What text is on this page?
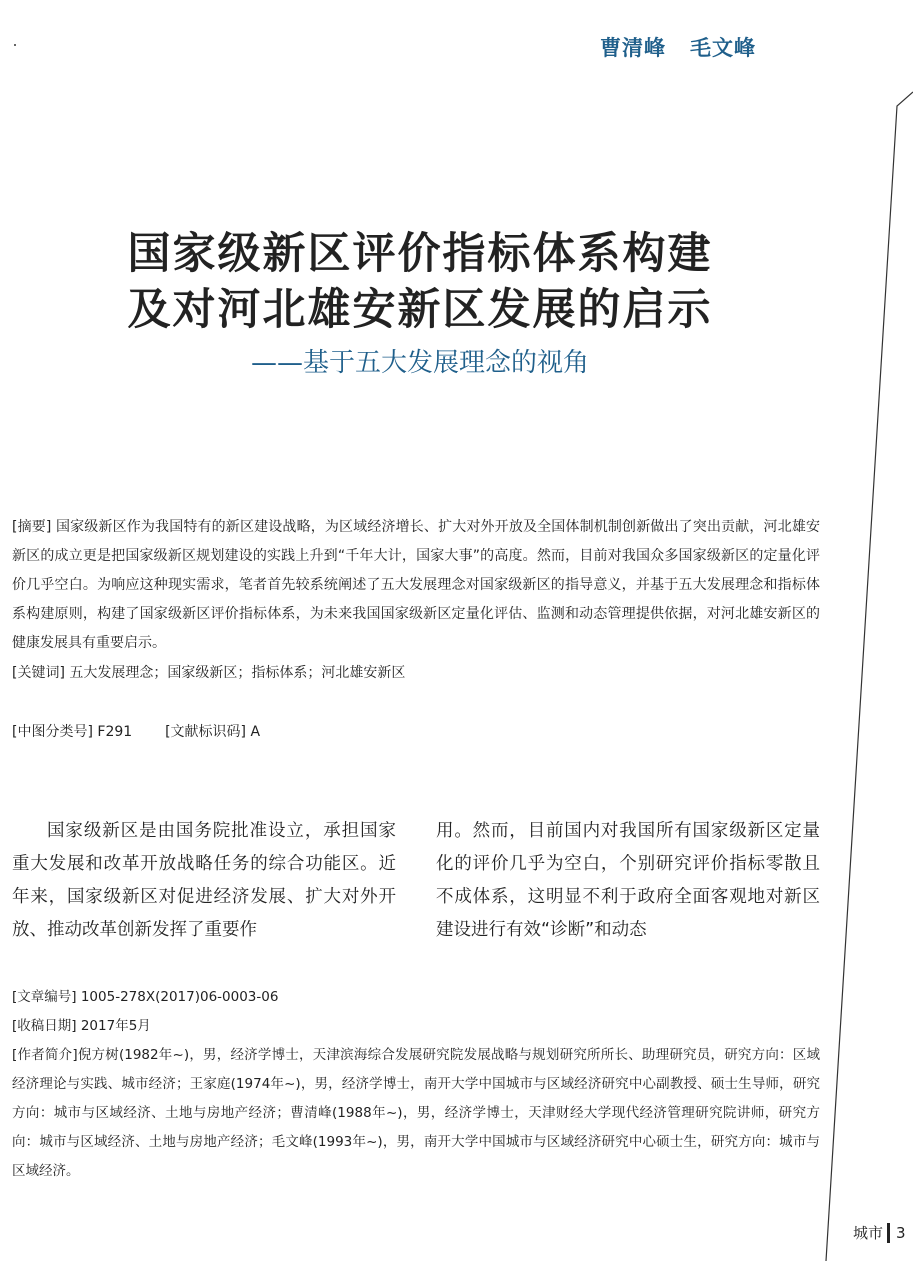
曹清峰 毛文峰
国家级新区评价指标体系构建
及对河北雄安新区发展的启示
——基于五大发展理念的视角
[摘要] 国家级新区作为我国特有的新区建设战略，为区域经济增长、扩大对外开放及全国体制机制创新做出了突出贡献，河北雄安新区的成立更是把国家级新区规划建设的实践上升到“千年大计，国家大事”的高度。然而，目前对我国众多国家级新区的定量化评价几乎空白。为响应这种现实需求，笔者首先较系统阐述了五大发展理念对国家级新区的指导意义，并基于五大发展理念和指标体系构建原则，构建了国家级新区评价指标体系，为未来我国国家级新区定量化评估、监测和动态管理提供依据，对河北雄安新区的健康发展具有重要启示。
[关键词] 五大发展理念；国家级新区；指标体系；河北雄安新区
[中图分类号] F291 [文献标识码] A
国家级新区是由国务院批准设立，承担国家重大发展和改革开放战略任务的综合功能区。近年来，国家级新区对促进经济发展、扩大对外开放、推动改革创新发挥了重要作
用。然而，目前国内对我国所有国家级新区定量化的评价几乎为空白，个别研究评价指标零散且不成体系，这明显不利于政府全面客观地对新区建设进行有效“诊断”和动态

[文章编号] 1005-278X(2017)06-0003-06

[收稿日期] 2017年5月

[作者简介]倪方树(1982年~)，男，经济学博士，天津滨海综合发展研究院发展战略与规划研究所所长、助理研究员，研究方向：区域经济理论与实践、城市经济；王家庭(1974年~)，男，经济学博士，南开大学中国城市与区域经济研究中心副教授、硕士生导师，研究方向：城市与区域经济、土地与房地产经济；曹清峰(1988年~)，男，经济学博士，天津财经大学现代经济管理研究院讲师，研究方向：城市与区域经济、土地与房地产经济；毛文峰(1993年~)，男，南开大学中国城市与区域经济研究中心硕士生，研究方向：城市与区域经济。

城市 3
